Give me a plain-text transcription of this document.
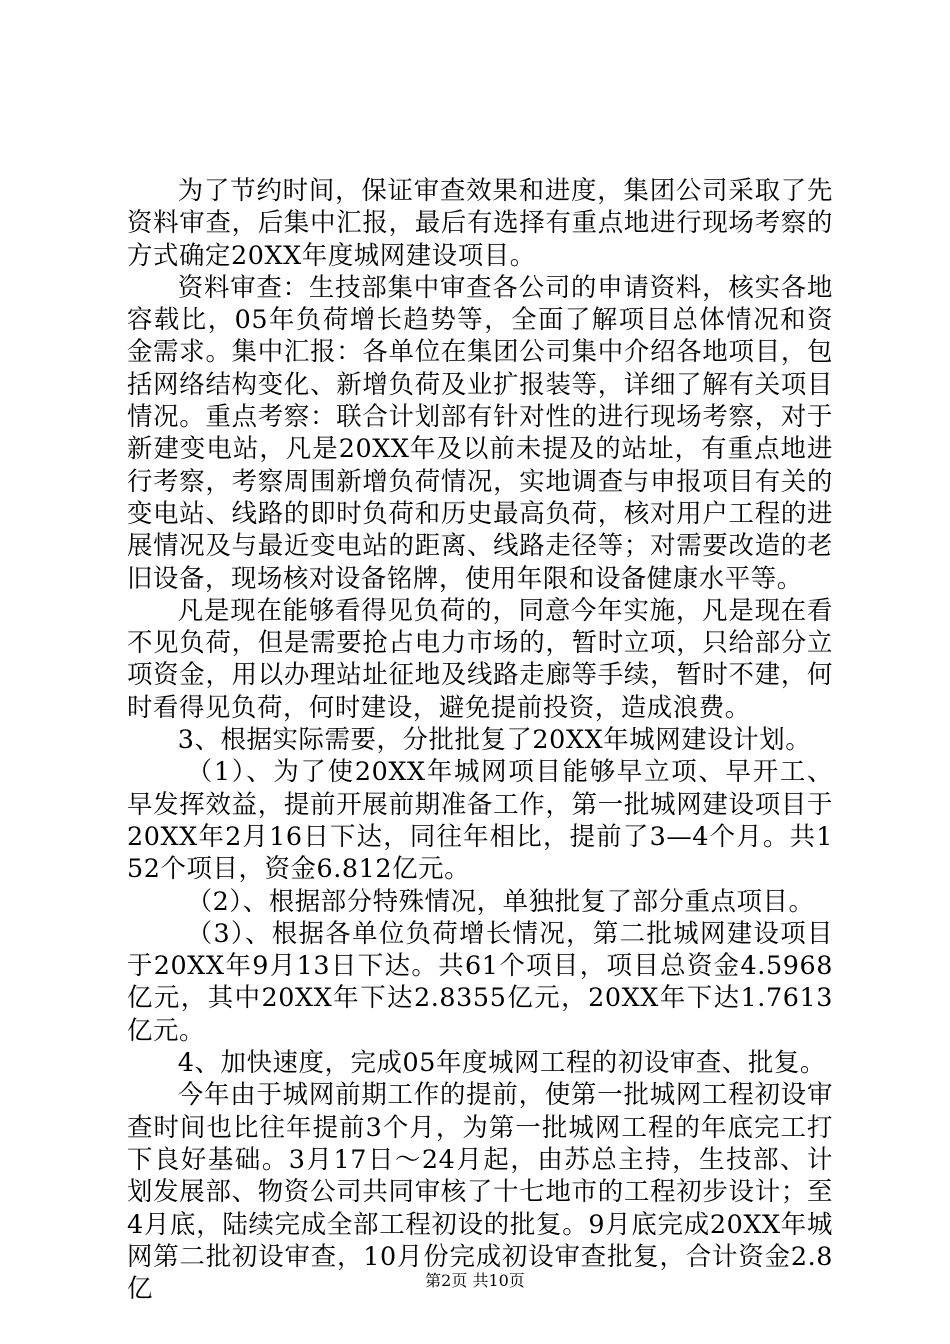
为了节约时间，保证审查效果和进度，集团公司采取了先资料审查，后集中汇报，最后有选择有重点地进行现场考察的方式确定20XX年度城网建设项目。

资料审查：生技部集中审查各公司的申请资料，核实各地容载比，05年负荷增长趋势等，全面了解项目总体情况和资金需求。集中汇报：各单位在集团公司集中介绍各地项目，包括网络结构变化、新增负荷及业扩报装等，详细了解有关项目情况。重点考察：联合计划部有针对性的进行现场考察，对于新建变电站，凡是20XX年及以前未提及的站址，有重点地进行考察，考察周围新增负荷情况，实地调查与申报项目有关的变电站、线路的即时负荷和历史最高负荷，核对用户工程的进展情况及与最近变电站的距离、线路走径等；对需要改造的老旧设备，现场核对设备铭牌，使用年限和设备健康水平等。

凡是现在能够看得见负荷的，同意今年实施，凡是现在看不见负荷，但是需要抢占电力市场的，暂时立项，只给部分立项资金，用以办理站址征地及线路走廊等手续，暂时不建，何时看得见负荷，何时建设，避免提前投资，造成浪费。

3、根据实际需要，分批批复了20XX年城网建设计划。

（1）、为了使20XX年城网项目能够早立项、早开工、早发挥效益，提前开展前期准备工作，第一批城网建设项目于20XX年2月16日下达，同往年相比，提前了3—4个月。共152个项目，资金6.812亿元。

（2）、根据部分特殊情况，单独批复了部分重点项目。

（3）、根据各单位负荷增长情况，第二批城网建设项目于20XX年9月13日下达。共61个项目，项目总资金4.5968亿元，其中20XX年下达2.8355亿元，20XX年下达1.7613亿元。

4、加快速度，完成05年度城网工程的初设审查、批复。

今年由于城网前期工作的提前，使第一批城网工程初设审查时间也比往年提前3个月，为第一批城网工程的年底完工打下良好基础。3月17日～24月起，由苏总主持，生技部、计划发展部、物资公司共同审核了十七地市的工程初步设计；至4月底，陆续完成全部工程初设的批复。9月底完成20XX年城网第二批初设审查，10月份完成初设审查批复，合计资金2.8亿	第2页 共10页
